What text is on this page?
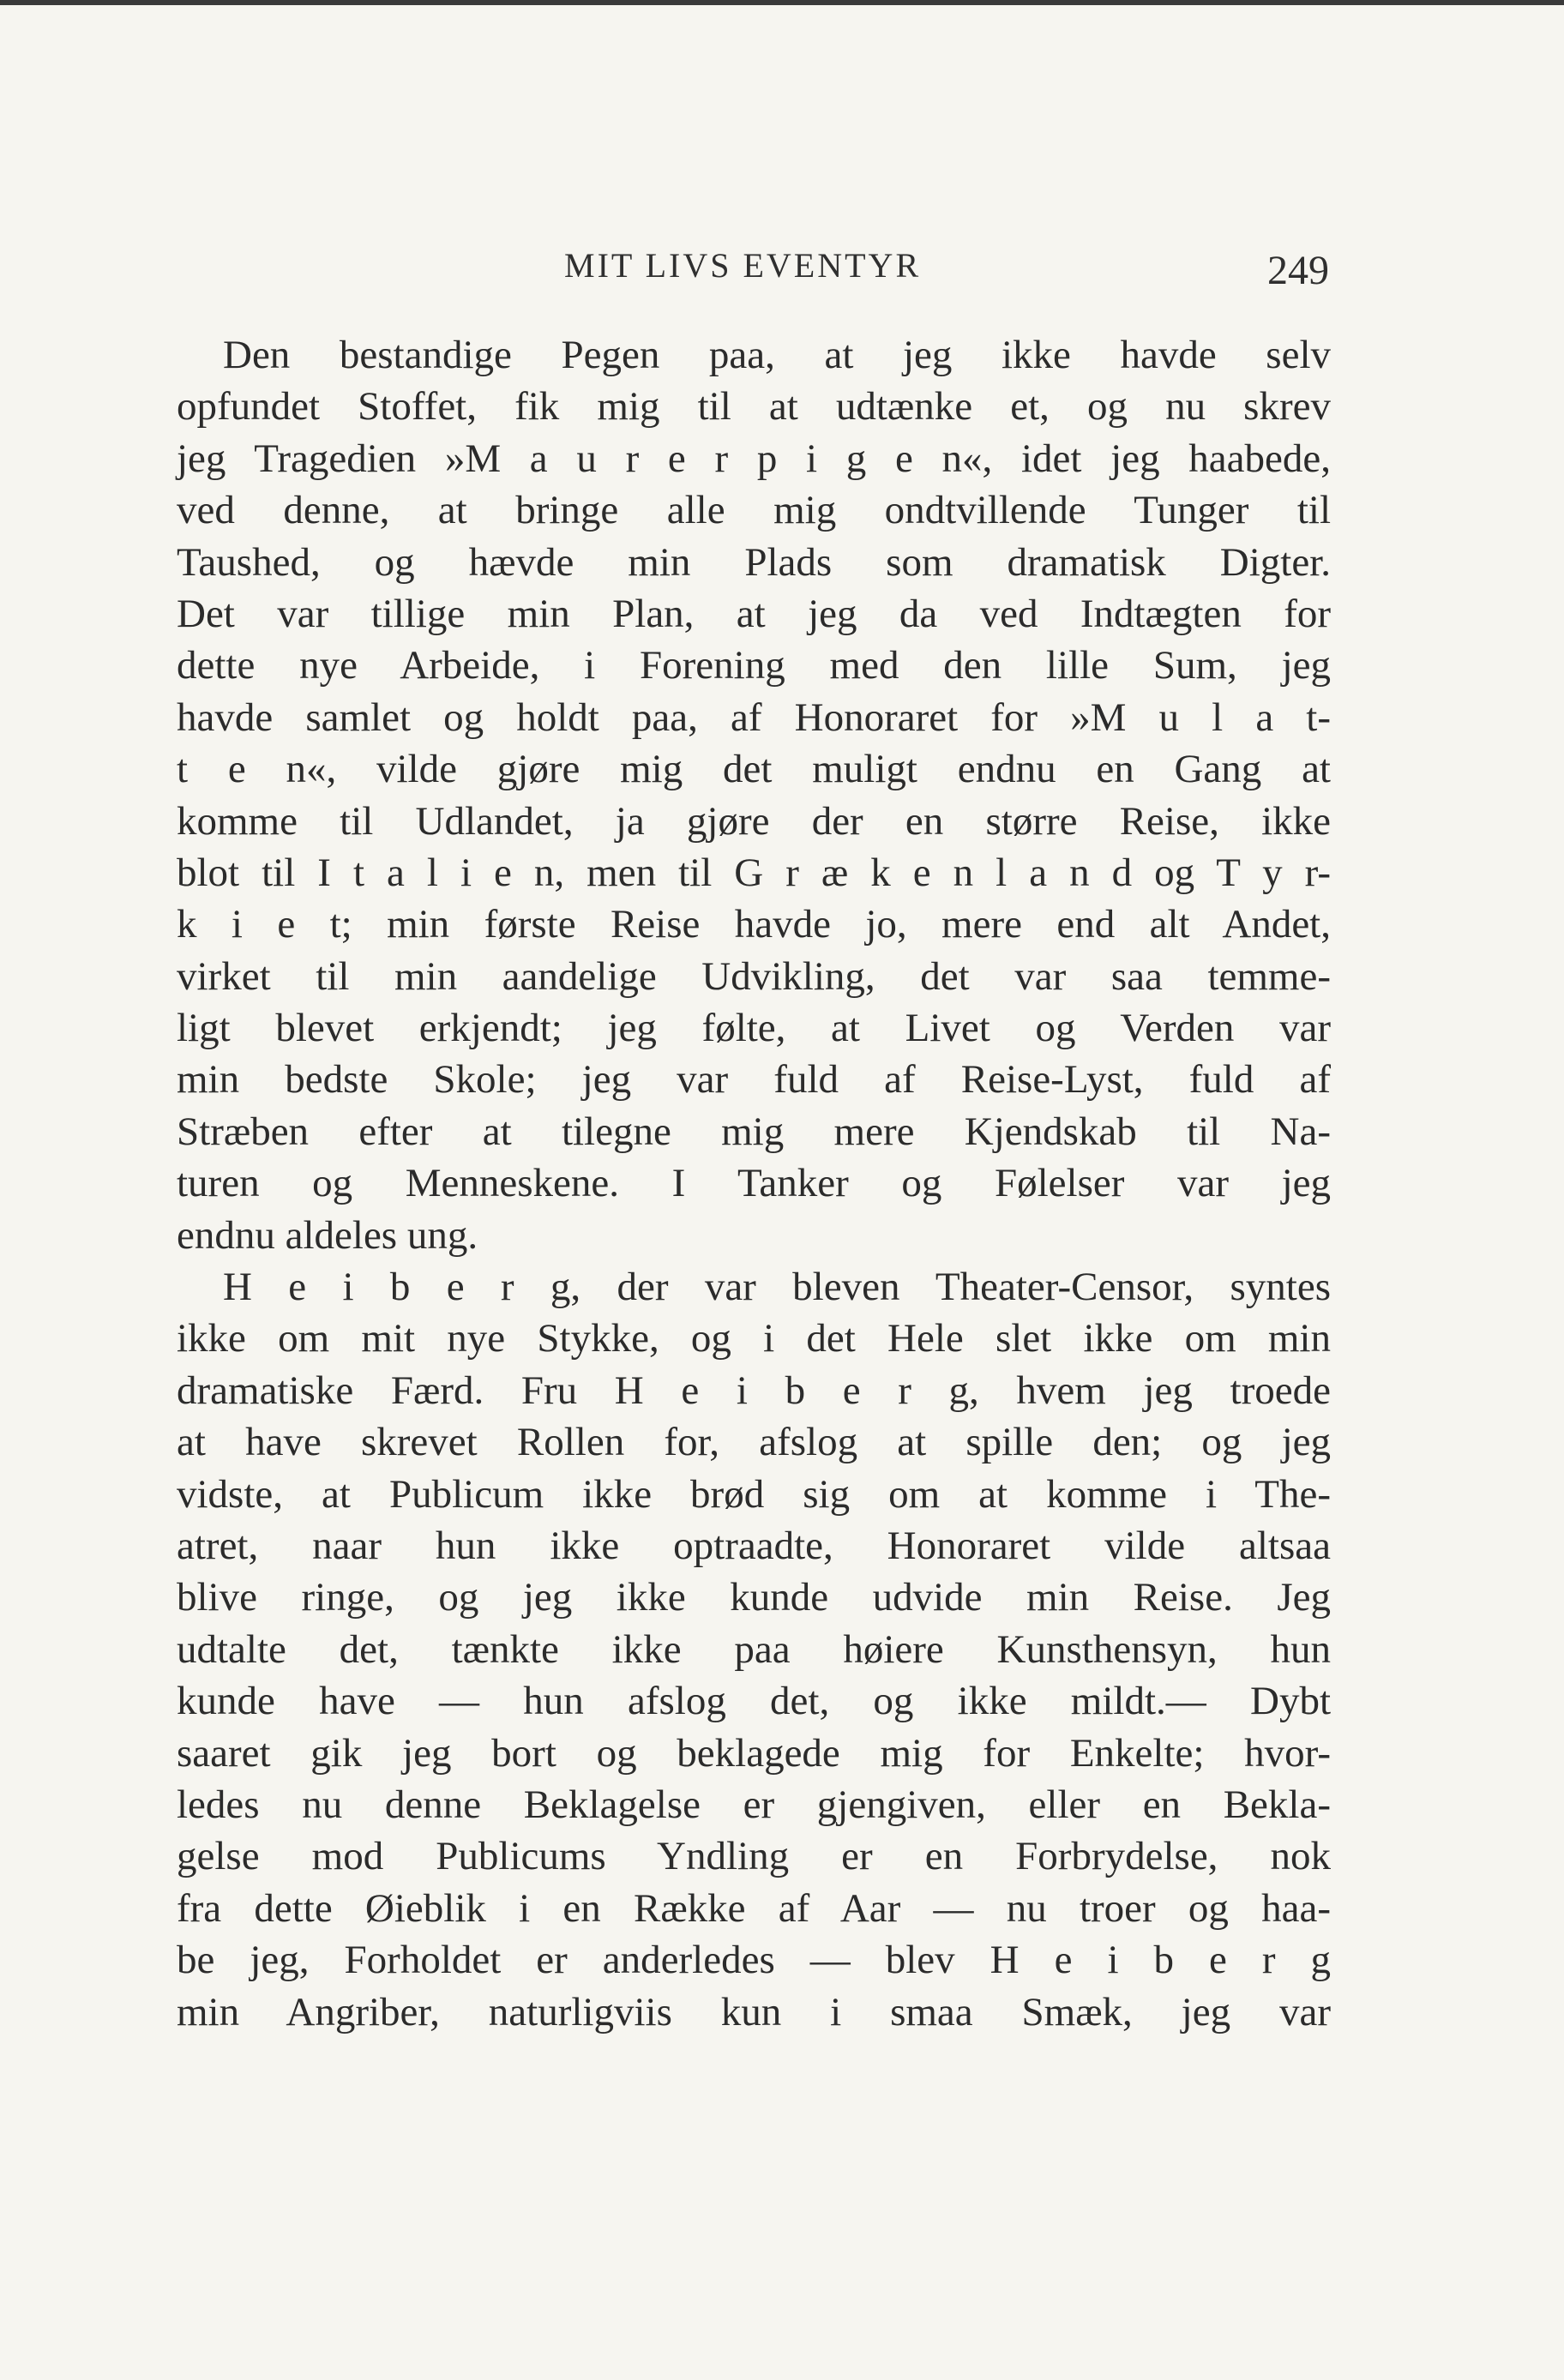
MIT LIVS EVENTYR	249
Den bestandige Pegen paa, at jeg ikke havde selv
opfundet Stoffet, fik mig til at udtænke et, og nu skrev
jeg Tragedien »M a u r e r p i g e n«, idet jeg haabede,
ved denne, at bringe alle mig ondtvillende Tunger til
Taushed, og hævde min Plads som dramatisk Digter.
Det var tillige min Plan, at jeg da ved Indtægten for
dette nye Arbeide, i Forening med den lille Sum, jeg
havde samlet og holdt paa, af Honoraret for »M u l a t-
t e n«, vilde gjøre mig det muligt endnu en Gang at
komme til Udlandet, ja gjøre der en større Reise, ikke
blot til I t a l i e n, men til G r æ k e n l a n d og T y r-
k i e t; min første Reise havde jo, mere end alt Andet,
virket til min aandelige Udvikling, det var saa temme-
ligt blevet erkjendt; jeg følte, at Livet og Verden var
min bedste Skole; jeg var fuld af Reise-Lyst, fuld af
Stræben efter at tilegne mig mere Kjendskab til Na-
turen og Menneskene. I Tanker og Følelser var jeg
endnu aldeles ung.
H e i b e r g, der var bleven Theater-Censor, syntes
ikke om mit nye Stykke, og i det Hele slet ikke om min
dramatiske Færd. Fru H e i b e r g, hvem jeg troede
at have skrevet Rollen for, afslog at spille den; og jeg
vidste, at Publicum ikke brød sig om at komme i The-
atret, naar hun ikke optraadte, Honoraret vilde altsaa
blive ringe, og jeg ikke kunde udvide min Reise. Jeg
udtalte det, tænkte ikke paa høiere Kunsthensyn, hun
kunde have — hun afslog det, og ikke mildt.— Dybt
saaret gik jeg bort og beklagede mig for Enkelte; hvor-
ledes nu denne Beklagelse er gjengiven, eller en Bekla-
gelse mod Publicums Yndling er en Forbrydelse, nok
fra dette Øieblik i en Række af Aar — nu troer og haa-
be jeg, Forholdet er anderledes — blev H e i b e r g
min Angriber, naturligviis kun i smaa Smæk, jeg var
